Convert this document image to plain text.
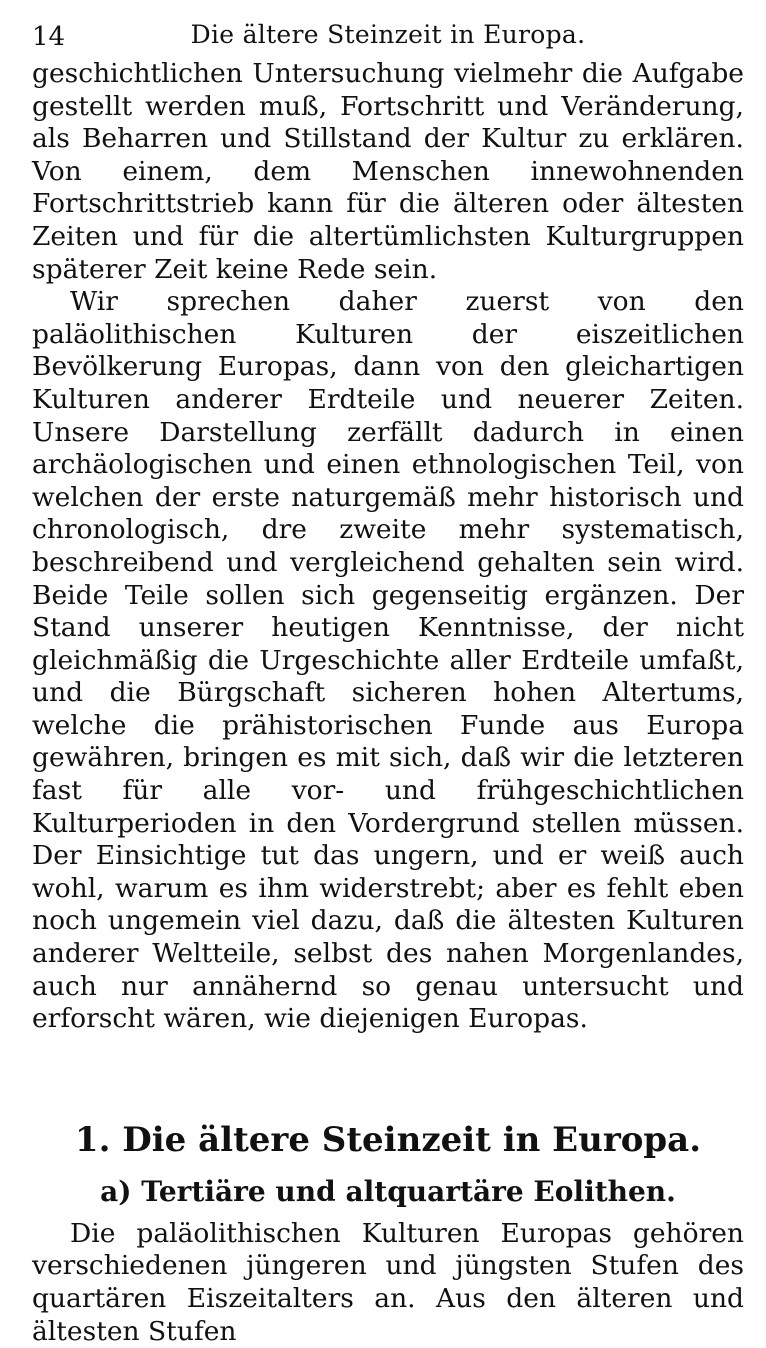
14	Die ältere Steinzeit in Europa.

geschichtlichen Untersuchung vielmehr die Aufgabe gestellt werden muß, Fortschritt und Veränderung, als Beharren und Stillstand der Kultur zu erklären. Von einem, dem Menschen innewohnenden Fortschrittstrieb kann für die älteren oder ältesten Zeiten und für die altertümlichsten Kulturgruppen späterer Zeit keine Rede sein.

Wir sprechen daher zuerst von den paläolithischen Kulturen der eiszeitlichen Bevölkerung Europas, dann von den gleichartigen Kulturen anderer Erdteile und neuerer Zeiten. Unsere Darstellung zerfällt dadurch in einen archäologischen und einen ethnologischen Teil, von welchen der erste naturgemäß mehr historisch und chronologisch, dre zweite mehr systematisch, beschreibend und vergleichend gehalten sein wird. Beide Teile sollen sich gegenseitig ergänzen. Der Stand unserer heutigen Kenntnisse, der nicht gleichmäßig die Urgeschichte aller Erdteile umfaßt, und die Bürgschaft sicheren hohen Altertums, welche die prähistorischen Funde aus Europa gewähren, bringen es mit sich, daß wir die letzteren fast für alle vor- und frühgeschichtlichen Kulturperioden in den Vordergrund stellen müssen. Der Einsichtige tut das ungern, und er weiß auch wohl, warum es ihm widerstrebt; aber es fehlt eben noch ungemein viel dazu, daß die ältesten Kulturen anderer Weltteile, selbst des nahen Morgenlandes, auch nur annähernd so genau untersucht und erforscht wären, wie diejenigen Europas.

1. Die ältere Steinzeit in Europa.
a) Tertiäre und altquartäre Eolithen.

Die paläolithischen Kulturen Europas gehören verschiedenen jüngeren und jüngsten Stufen des quartären Eiszeitalters an. Aus den älteren und ältesten Stufen
